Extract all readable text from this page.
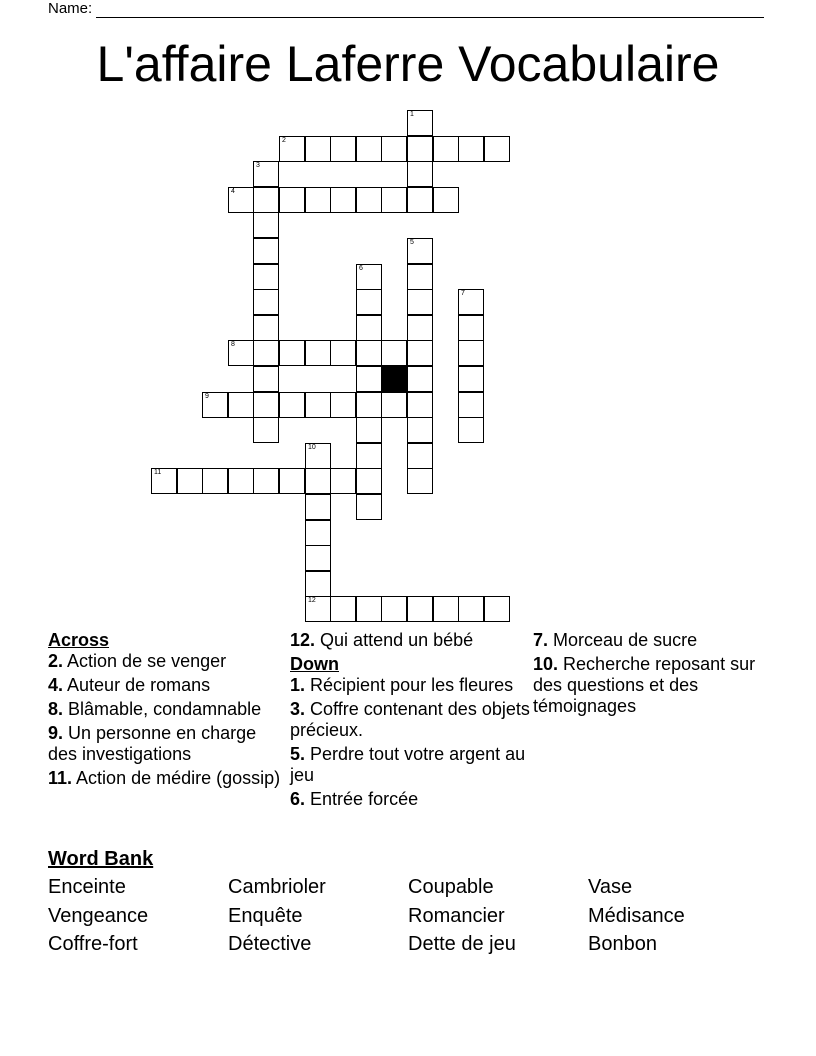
Name:
L'affaire Laferre Vocabulaire
1
2
3
4
5
6
7
8
9
10
12
11
Across
2. Action de se venger
4. Auteur de romans
8. Blâmable, condamnable
9. Un personne en charge des investigations
11. Action de médire (gossip)
12. Qui attend un bébé
Down
1. Récipient pour les fleures
3. Coffre contenant des objets précieux.
5. Perdre tout votre argent au jeu
6. Entrée forcée
7. Morceau de sucre
10. Recherche reposant sur des questions et des témoignages
Word Bank
Enceinte	Cambrioler	Coupable	Vase
Vengeance	Enquête	Romancier	Médisance
Coffre-fort	Détective	Dette de jeu	Bonbon
